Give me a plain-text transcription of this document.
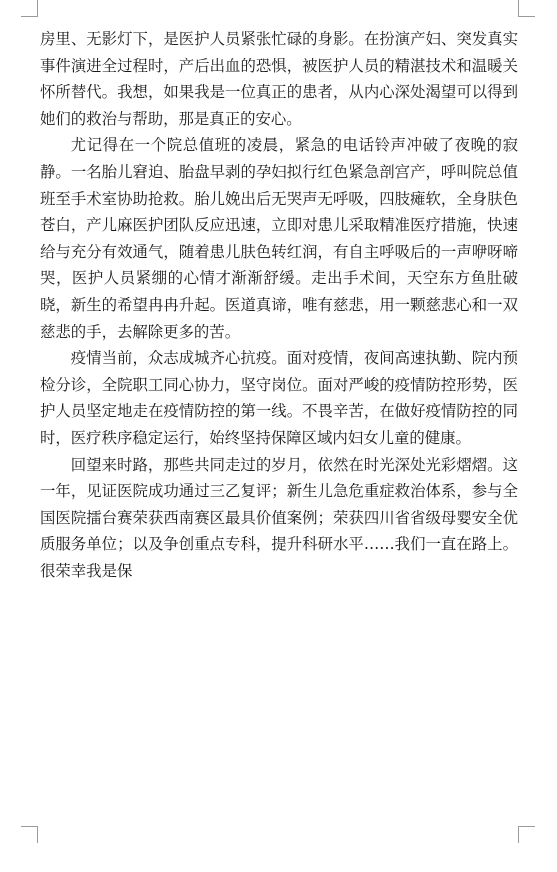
房里、无影灯下，是医护人员紧张忙碌的身影。在扮演产妇、突发真实事件演进全过程时，产后出血的恐惧，被医护人员的精湛技术和温暖关怀所替代。我想，如果我是一位真正的患者，从内心深处渴望可以得到她们的救治与帮助，那是真正的安心。

尤记得在一个院总值班的凌晨，紧急的电话铃声冲破了夜晚的寂静。一名胎儿窘迫、胎盘早剥的孕妇拟行红色紧急剖宫产，呼叫院总值班至手术室协助抢救。胎儿娩出后无哭声无呼吸，四肢瘫软，全身肤色苍白，产儿麻医护团队反应迅速，立即对患儿采取精准医疗措施，快速给与充分有效通气，随着患儿肤色转红润，有自主呼吸后的一声咿呀啼哭，医护人员紧绷的心情才渐渐舒缓。走出手术间，天空东方鱼肚破晓，新生的希望冉冉升起。医道真谛，唯有慈悲，用一颗慈悲心和一双慈悲的手，去解除更多的苦。

疫情当前，众志成城齐心抗疫。面对疫情，夜间高速执勤、院内预检分诊，全院职工同心协力，坚守岗位。面对严峻的疫情防控形势，医护人员坚定地走在疫情防控的第一线。不畏辛苦，在做好疫情防控的同时，医疗秩序稳定运行，始终坚持保障区域内妇女儿童的健康。

回望来时路，那些共同走过的岁月，依然在时光深处光彩熠熠。这一年，见证医院成功通过三乙复评；新生儿急危重症救治体系，参与全国医院擂台赛荣获西南赛区最具价值案例；荣获四川省省级母婴安全优质服务单位；以及争创重点专科，提升科研水平……我们一直在路上。很荣幸我是保
